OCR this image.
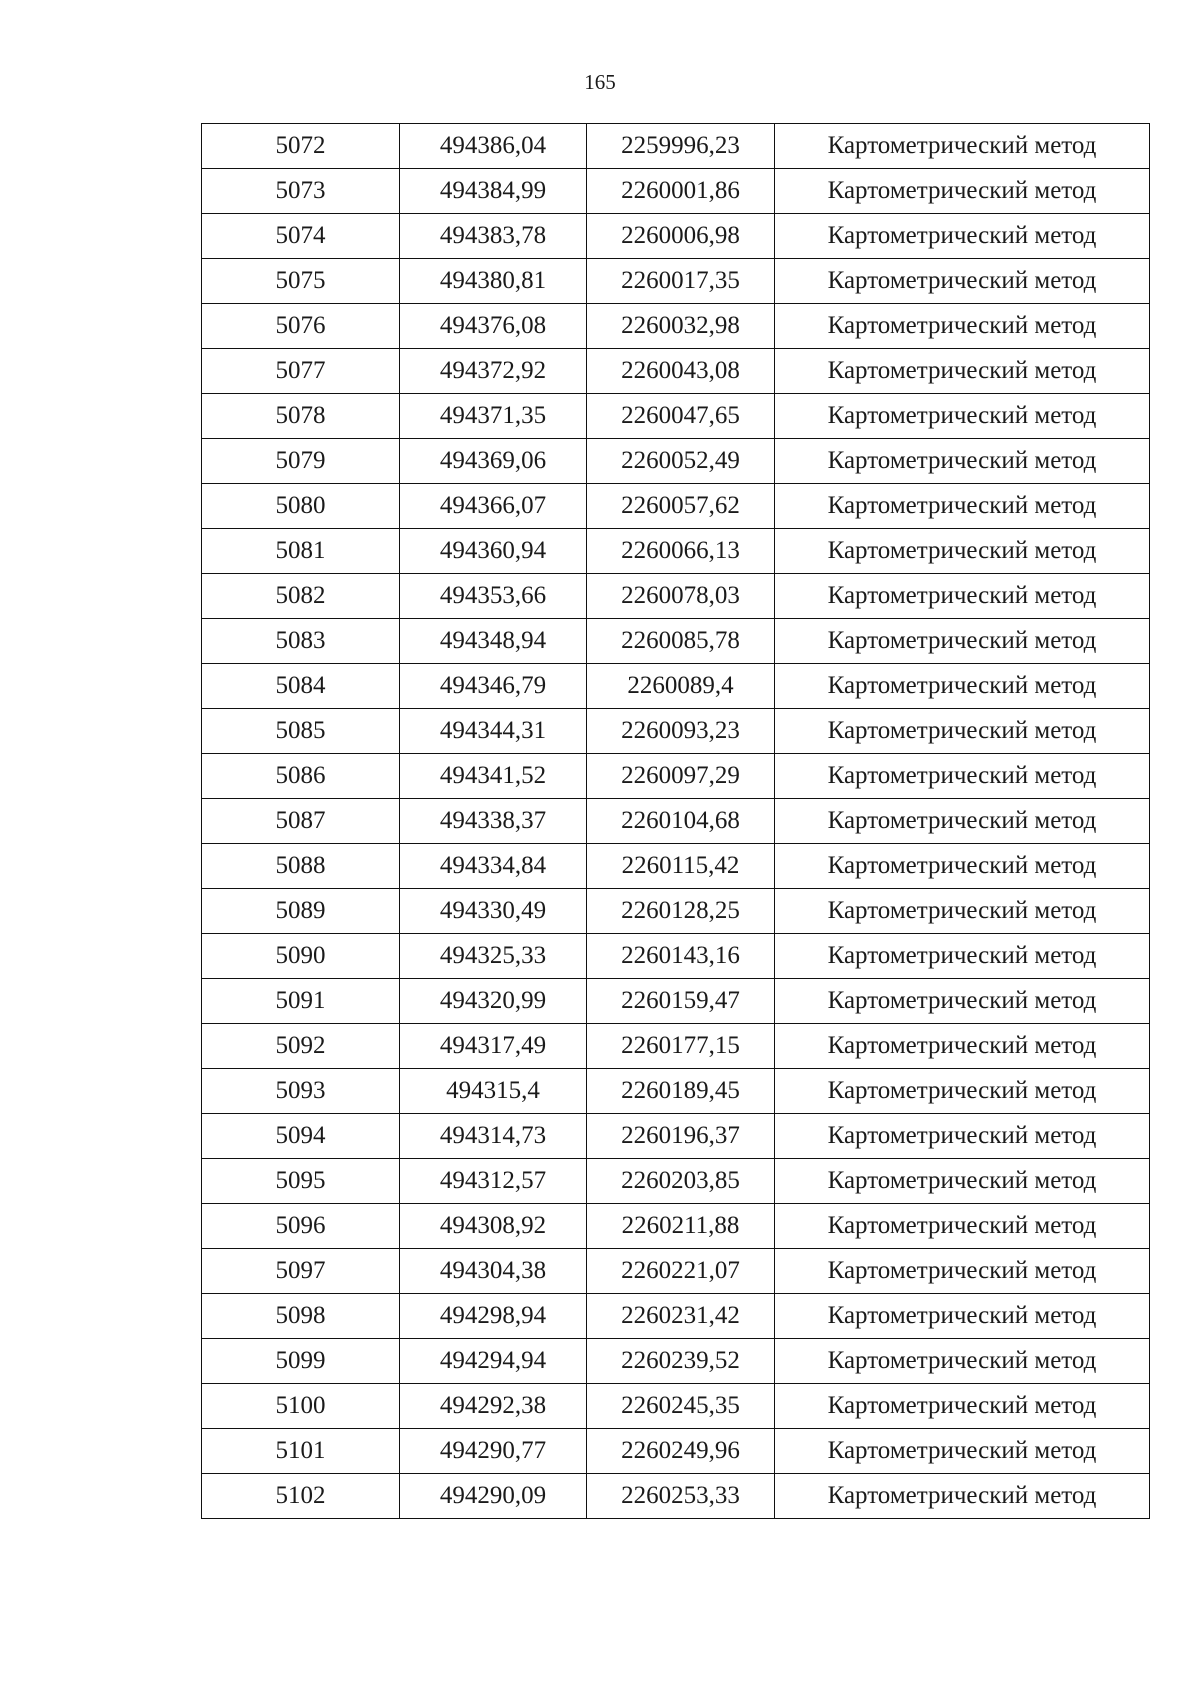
165
5072	494386,04	2259996,23	Картометрический метод
5073	494384,99	2260001,86	Картометрический метод
5074	494383,78	2260006,98	Картометрический метод
5075	494380,81	2260017,35	Картометрический метод
5076	494376,08	2260032,98	Картометрический метод
5077	494372,92	2260043,08	Картометрический метод
5078	494371,35	2260047,65	Картометрический метод
5079	494369,06	2260052,49	Картометрический метод
5080	494366,07	2260057,62	Картометрический метод
5081	494360,94	2260066,13	Картометрический метод
5082	494353,66	2260078,03	Картометрический метод
5083	494348,94	2260085,78	Картометрический метод
5084	494346,79	2260089,4	Картометрический метод
5085	494344,31	2260093,23	Картометрический метод
5086	494341,52	2260097,29	Картометрический метод
5087	494338,37	2260104,68	Картометрический метод
5088	494334,84	2260115,42	Картометрический метод
5089	494330,49	2260128,25	Картометрический метод
5090	494325,33	2260143,16	Картометрический метод
5091	494320,99	2260159,47	Картометрический метод
5092	494317,49	2260177,15	Картометрический метод
5093	494315,4	2260189,45	Картометрический метод
5094	494314,73	2260196,37	Картометрический метод
5095	494312,57	2260203,85	Картометрический метод
5096	494308,92	2260211,88	Картометрический метод
5097	494304,38	2260221,07	Картометрический метод
5098	494298,94	2260231,42	Картометрический метод
5099	494294,94	2260239,52	Картометрический метод
5100	494292,38	2260245,35	Картометрический метод
5101	494290,77	2260249,96	Картометрический метод
5102	494290,09	2260253,33	Картометрический метод
